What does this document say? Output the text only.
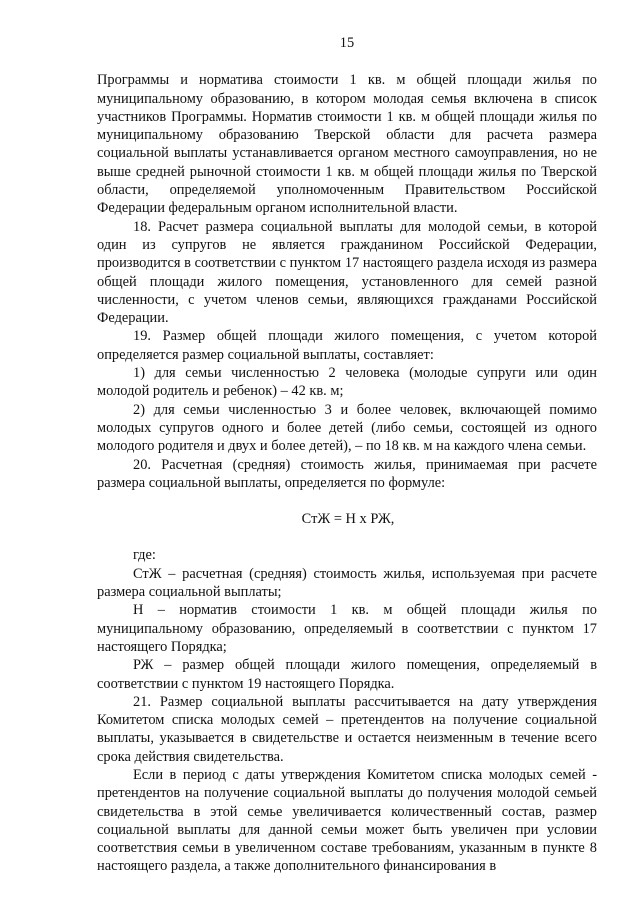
15

Программы и норматива стоимости 1 кв. м общей площади жилья по муниципальному образованию, в котором молодая семья включена в список участников Программы. Норматив стоимости 1 кв. м общей площади жилья по муниципальному образованию Тверской области для расчета размера социальной выплаты устанавливается органом местного самоуправления, но не выше средней рыночной стоимости 1 кв. м общей площади жилья по Тверской области, определяемой уполномоченным Правительством Российской Федерации федеральным органом исполнительной власти.

18. Расчет размера социальной выплаты для молодой семьи, в которой один из супругов не является гражданином Российской Федерации, производится в соответствии с пунктом 17 настоящего раздела исходя из размера общей площади жилого помещения, установленного для семей разной численности, с учетом членов семьи, являющихся гражданами Российской Федерации.

19. Размер общей площади жилого помещения, с учетом которой определяется размер социальной выплаты, составляет:

1) для семьи численностью 2 человека (молодые супруги или один молодой родитель и ребенок) – 42 кв. м;

2) для семьи численностью 3 и более человек, включающей помимо молодых супругов одного и более детей (либо семьи, состоящей из одного молодого родителя и двух и более детей), – по 18 кв. м на каждого члена семьи.

20. Расчетная (средняя) стоимость жилья, принимаемая при расчете размера социальной выплаты, определяется по формуле:

СтЖ = Н х РЖ,

где:

СтЖ – расчетная (средняя) стоимость жилья, используемая при расчете размера социальной выплаты;

Н – норматив стоимости 1 кв. м общей площади жилья по муниципальному образованию, определяемый в соответствии с пунктом 17 настоящего Порядка;

РЖ – размер общей площади жилого помещения, определяемый в соответствии с пунктом 19 настоящего Порядка.

21. Размер социальной выплаты рассчитывается на дату утверждения Комитетом списка молодых семей – претендентов на получение социальной выплаты, указывается в свидетельстве и остается неизменным в течение всего срока действия свидетельства.

Если в период с даты утверждения Комитетом списка молодых семей - претендентов на получение социальной выплаты до получения молодой семьей свидетельства в этой семье увеличивается количественный состав, размер социальной выплаты для данной семьи может быть увеличен при условии соответствия семьи в увеличенном составе требованиям, указанным в пункте 8 настоящего раздела, а также дополнительного финансирования в
